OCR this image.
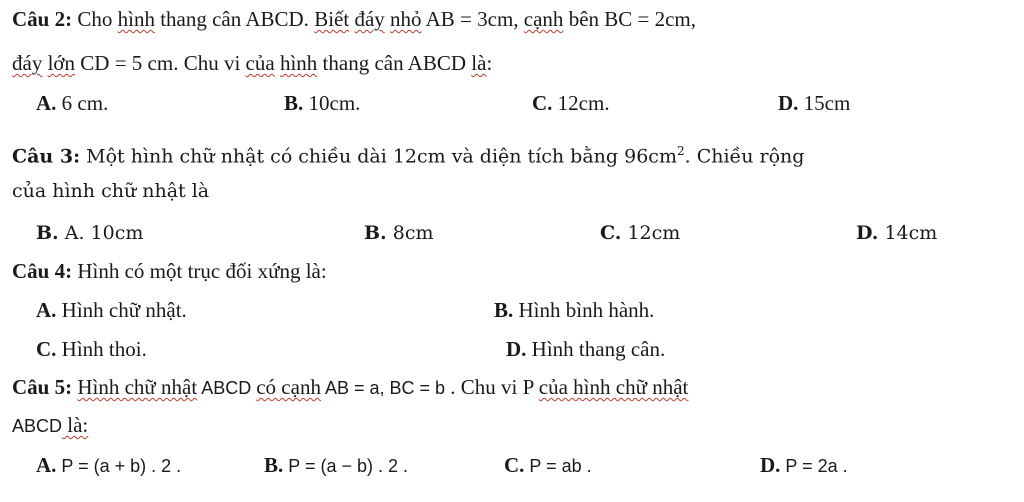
Câu 2: Cho hình thang cân ABCD. Biết đáy nhỏ AB = 3cm, cạnh bên BC = 2cm,
đáy lớn CD = 5 cm. Chu vi của hình thang cân ABCD là:
A. 6 cm.	B. 10cm.	C. 12cm.	D. 15cm
Câu 3: Một hình chữ nhật có chiều dài 12cm và diện tích bằng $96cm^2$. Chiều rộng
của hình chữ nhật là
B. A. 10cm	B. 8cm	C. 12cm	D. 14cm
Câu 4: Hình có một trục đối xứng là:
A. Hình chữ nhật.	B. Hình bình hành.
C. Hình thoi.	D. Hình thang cân.
Câu 5: Hình chữ nhật ABCD có cạnh AB = a, BC = b . Chu vi P của hình chữ nhật
ABCD là:
A. P = (a + b) . 2 .	B. P = (a − b) . 2 .	C. P = ab .	D. P = 2a .
